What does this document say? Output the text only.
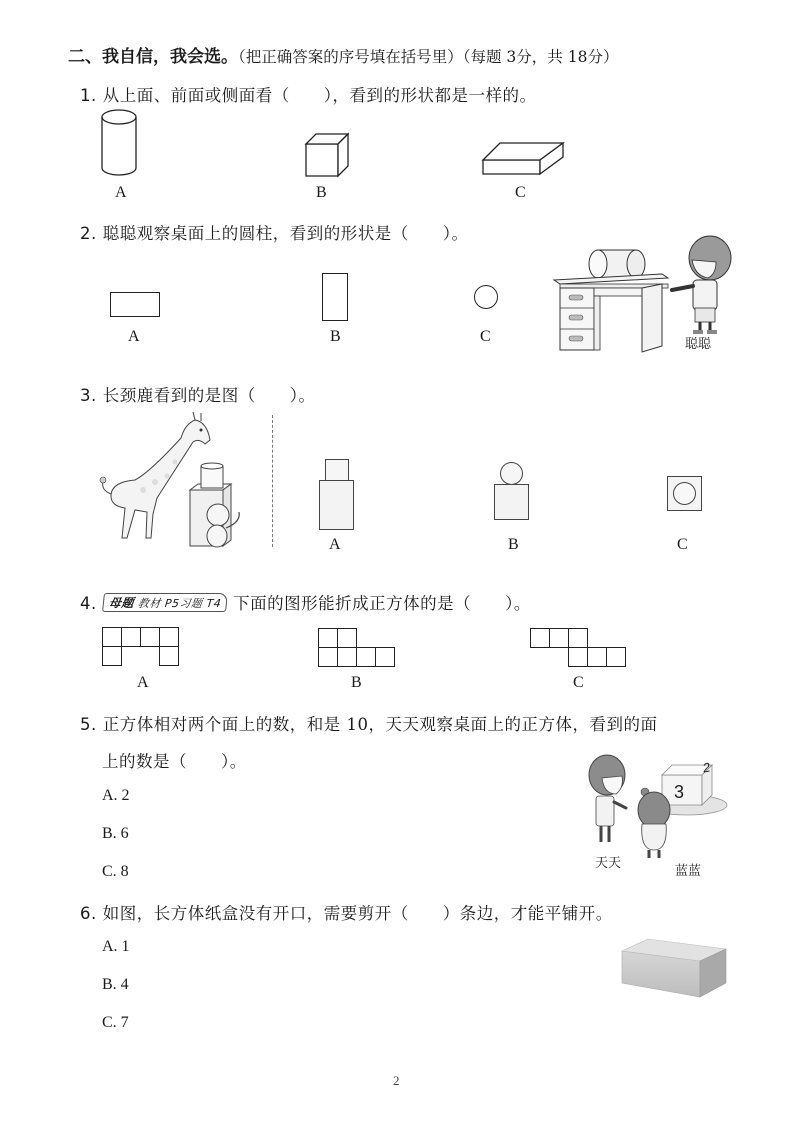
二、我自信，我会选。（把正确答案的序号填在括号里）（每题 3分，共 18分）
1. 从上面、前面或侧面看（　　），看到的形状都是一样的。
A	B	C
2. 聪聪观察桌面上的圆柱，看到的形状是（　　）。
A	B	C	聪聪
3. 长颈鹿看到的是图（　　）。
A	B	C
4. 母题 教材 P5习题 T4 下面的图形能折成正方体的是（　　）。
A	B	C
5. 正方体相对两个面上的数，和是 10，天天观察桌面上的正方体，看到的面
上的数是（　　）。
A. 2
B. 6
C. 8
3
2
天天
蓝蓝
6. 如图，长方体纸盒没有开口，需要剪开（　　）条边，才能平铺开。
A. 1
B. 4
C. 7
2
